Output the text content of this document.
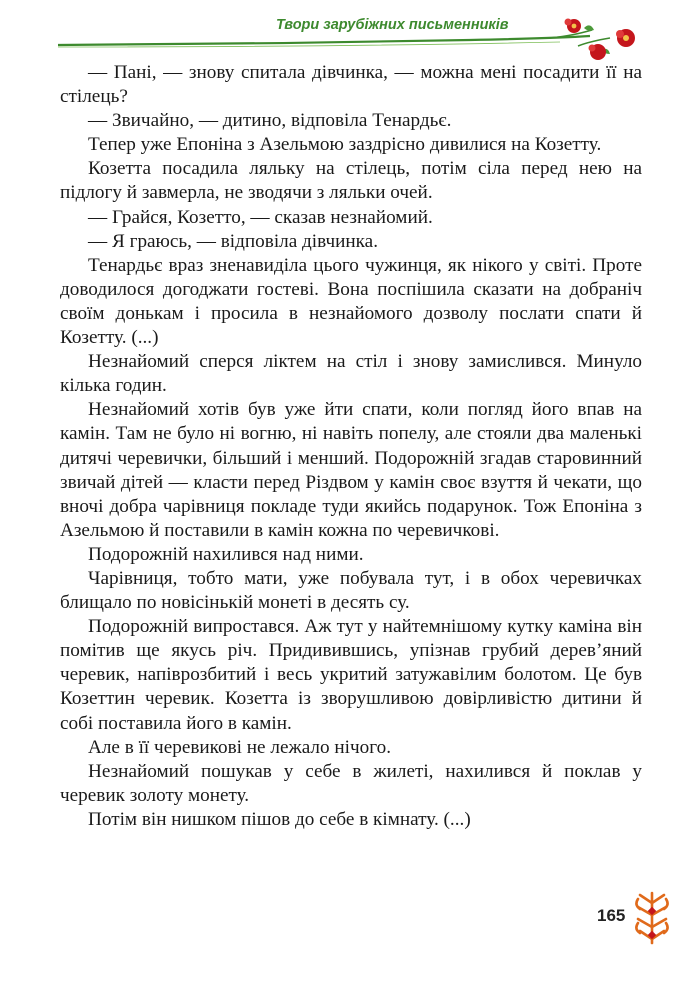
Твори зарубіжних письменників

— Пані, — знову спитала дівчинка, — можна мені посадити її на стілець?

— Звичайно, — дитино, відповіла Тенардьє.

Тепер уже Епоніна з Азельмою заздрісно дивилися на Козетту.

Козетта посадила ляльку на стілець, потім сіла перед нею на підлогу й завмерла, не зводячи з ляльки очей.

— Грайся, Козетто, — сказав незнайомий.

— Я граюсь, — відповіла дівчинка.

Тенардьє враз зненавиділа цього чужинця, як нікого у світі. Проте доводилося догоджати гостеві. Вона поспішила сказати на добраніч своїм донькам і просила в незнайомого дозволу послати спати й Козетту. (...)

Незнайомий сперся ліктем на стіл і знову замислився. Минуло кілька годин.

Незнайомий хотів був уже йти спати, коли погляд його впав на камін. Там не було ні вогню, ні навіть попелу, але стояли два маленькі дитячі черевички, більший і менший. Подорожній згадав старовинний звичай дітей — класти перед Різдвом у камін своє взуття й чекати, що вночі добра чарівниця покладе туди якийсь подарунок. Тож Епоніна з Азельмою й поставили в камін кожна по черевичкові.

Подорожній нахилився над ними.

Чарівниця, тобто мати, уже побувала тут, і в обох черевичках блищало по новісінькій монеті в десять су.

Подорожній випростався. Аж тут у найтемнішому куткy каміна він помітив ще якусь річ. Придивившись, упізнав грубий дерев’яний черевик, напіврозбитий і весь укритий затужавілим болотом. Це був Козеттин черевик. Козетта із зворушливою довірливістю дитини й собі поставила його в камін.

Але в її черевикові не лежало нічого.

Незнайомий пошукав у себе в жилеті, нахилився й поклав у черевик золоту монету.

Потім він нишком пішов до себе в кімнату. (...)

165
